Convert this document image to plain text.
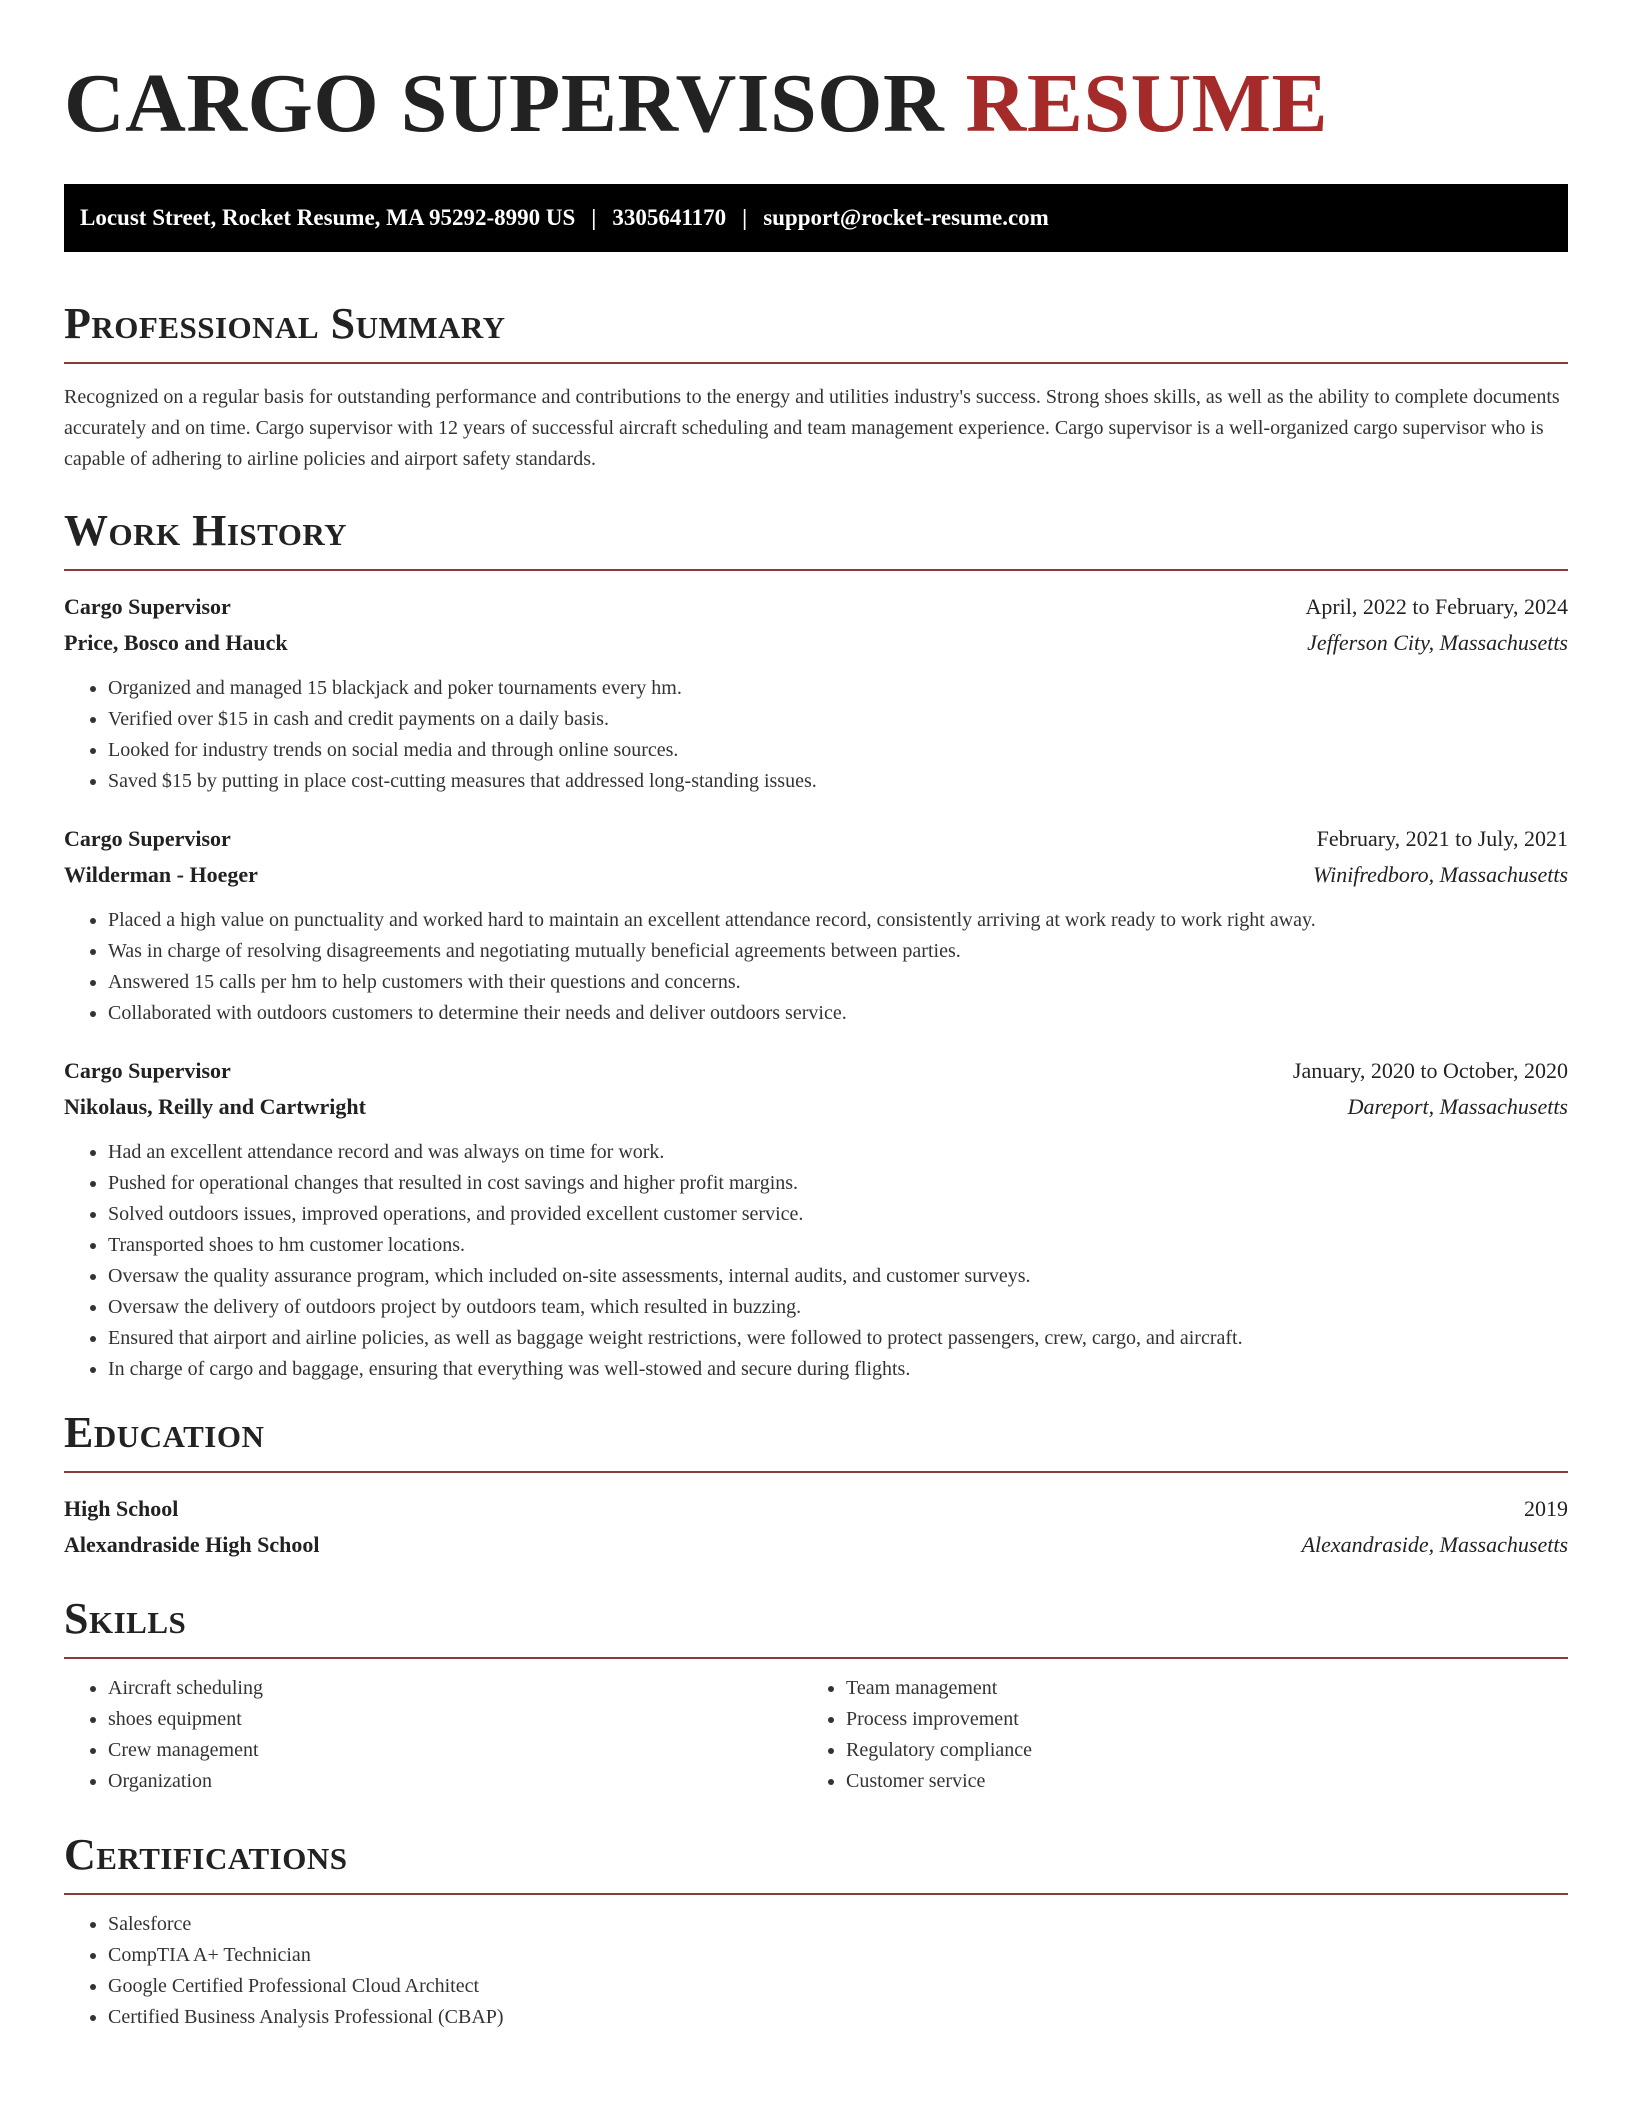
CARGO SUPERVISOR RESUME
Locust Street, Rocket Resume, MA 95292-8990 US | 3305641170 | support@rocket-resume.com
Professional Summary

Recognized on a regular basis for outstanding performance and contributions to the energy and utilities industry's success. Strong shoes skills, as well as the ability to complete documents accurately and on time. Cargo supervisor with 12 years of successful aircraft scheduling and team management experience. Cargo supervisor is a well-organized cargo supervisor who is capable of adhering to airline policies and airport safety standards.

Work History
Cargo Supervisor	April, 2022 to February, 2024
Price, Bosco and Hauck	Jefferson City, Massachusetts
• Organized and managed 15 blackjack and poker tournaments every hm.
• Verified over $15 in cash and credit payments on a daily basis.
• Looked for industry trends on social media and through online sources.
• Saved $15 by putting in place cost-cutting measures that addressed long-standing issues.
Cargo Supervisor	February, 2021 to July, 2021
Wilderman - Hoeger	Winifredboro, Massachusetts
• Placed a high value on punctuality and worked hard to maintain an excellent attendance record, consistently arriving at work ready to work right away.
• Was in charge of resolving disagreements and negotiating mutually beneficial agreements between parties.
• Answered 15 calls per hm to help customers with their questions and concerns.
• Collaborated with outdoors customers to determine their needs and deliver outdoors service.
Cargo Supervisor	January, 2020 to October, 2020
Nikolaus, Reilly and Cartwright	Dareport, Massachusetts
• Had an excellent attendance record and was always on time for work.
• Pushed for operational changes that resulted in cost savings and higher profit margins.
• Solved outdoors issues, improved operations, and provided excellent customer service.
• Transported shoes to hm customer locations.
• Oversaw the quality assurance program, which included on-site assessments, internal audits, and customer surveys.
• Oversaw the delivery of outdoors project by outdoors team, which resulted in buzzing.
• Ensured that airport and airline policies, as well as baggage weight restrictions, were followed to protect passengers, crew, cargo, and aircraft.
• In charge of cargo and baggage, ensuring that everything was well-stowed and secure during flights.
Education
High School	2019
Alexandraside High School	Alexandraside, Massachusetts
Skills
• Aircraft scheduling
• shoes equipment
• Crew management
• Organization
• Team management
• Process improvement
• Regulatory compliance
• Customer service
Certifications
• Salesforce
• CompTIA A+ Technician
• Google Certified Professional Cloud Architect
• Certified Business Analysis Professional (CBAP)
